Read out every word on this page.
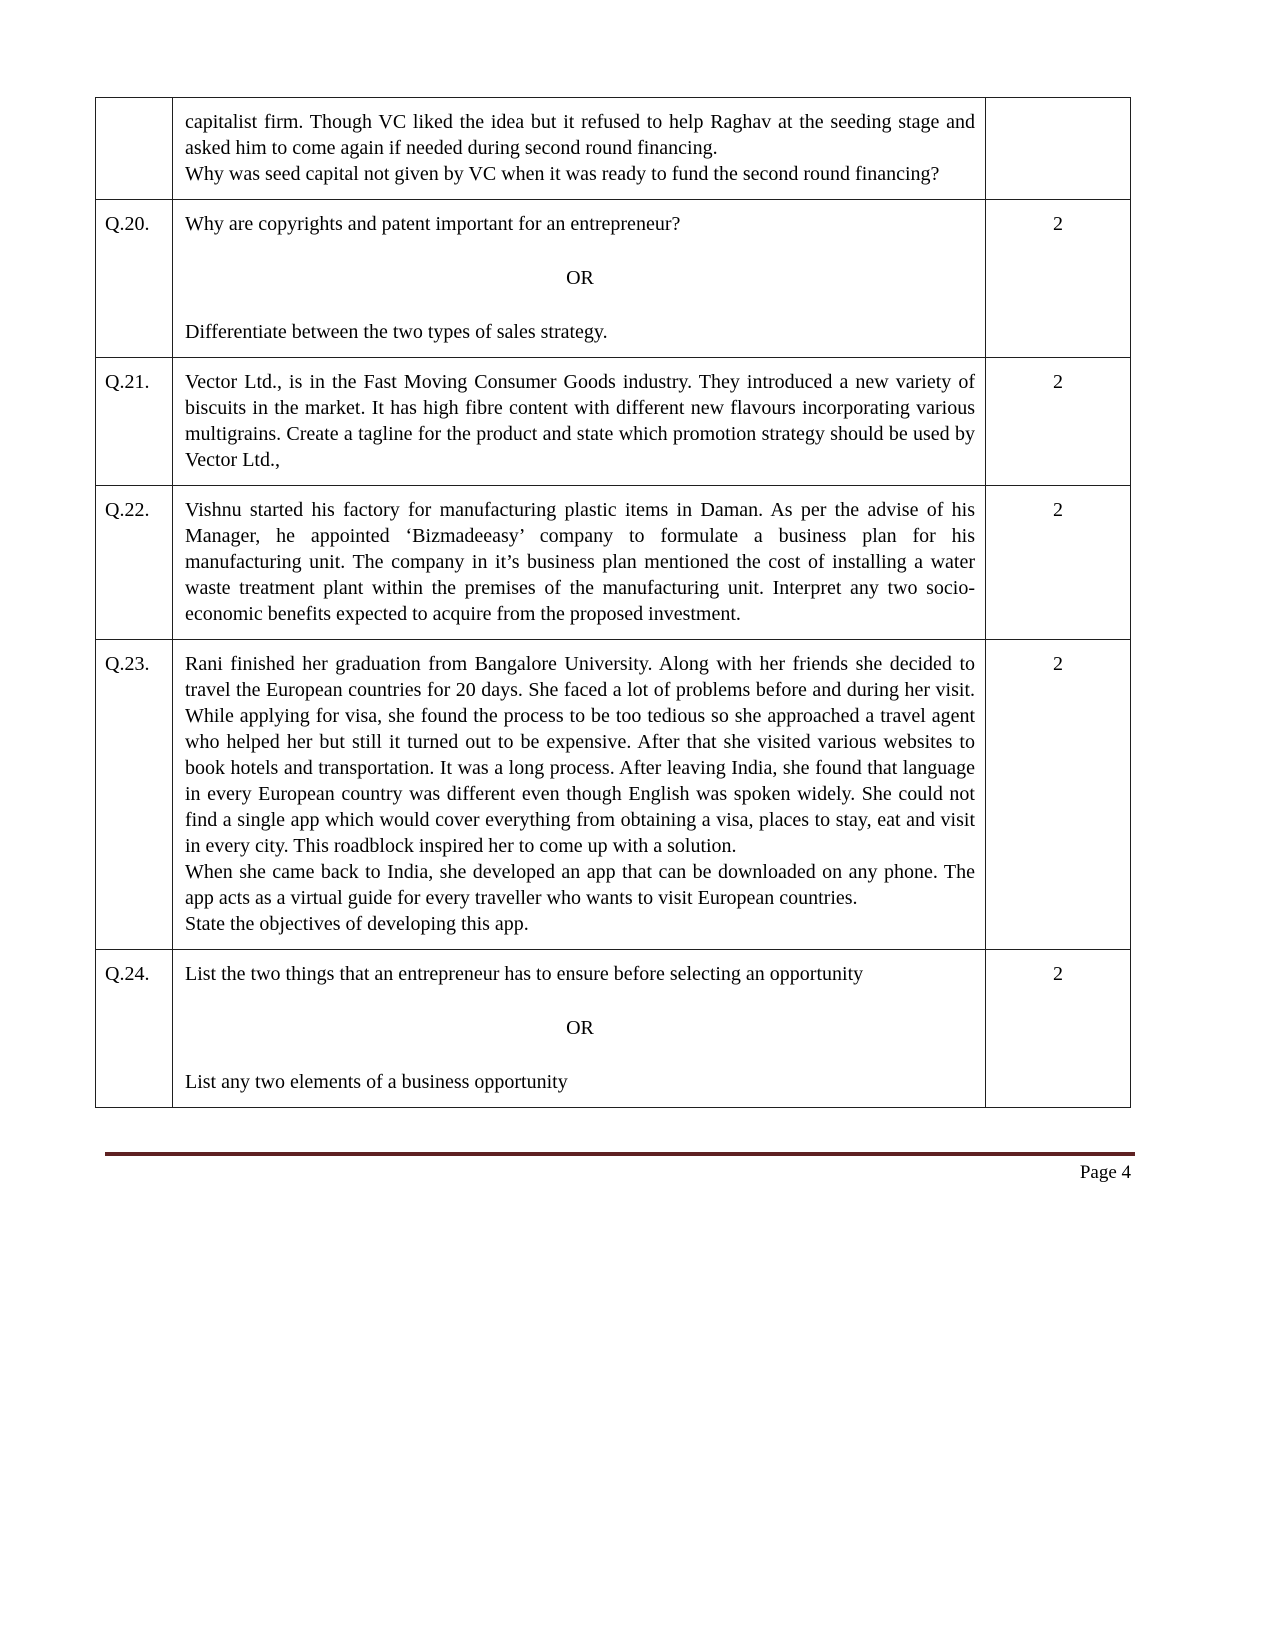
	capitalist firm. Though VC liked the idea but it refused to help Raghav at the seeding stage and asked him to come again if needed during second round financing.

Why was seed capital not given by VC when it was ready to fund the second round financing?	

Q.20.	Why are copyrights and patent important for an entrepreneur?

OR

Differentiate between the two types of sales strategy.	2
Q.21.	Vector Ltd., is in the Fast Moving Consumer Goods industry. They introduced a new variety of biscuits in the market. It has high fibre content with different new flavours incorporating various multigrains. Create a tagline for the product and state which promotion strategy should be used by Vector Ltd.,	2
Q.22.	Vishnu started his factory for manufacturing plastic items in Daman. As per the advise of his Manager, he appointed ‘Bizmadeeasy’ company to formulate a business plan for his manufacturing unit. The company in it’s business plan mentioned the cost of installing a water waste treatment plant within the premises of the manufacturing unit. Interpret any two socio-economic benefits expected to acquire from the proposed investment.	2
Q.23.	Rani finished her graduation from Bangalore University. Along with her friends she decided to travel the European countries for 20 days. She faced a lot of problems before and during her visit. While applying for visa, she found the process to be too tedious so she approached a travel agent who helped her but still it turned out to be expensive. After that she visited various websites to book hotels and transportation. It was a long process. After leaving India, she found that language in every European country was different even though English was spoken widely. She could not find a single app which would cover everything from obtaining a visa, places to stay, eat and visit in every city. This roadblock inspired her to come up with a solution.

When she came back to India, she developed an app that can be downloaded on any phone. The app acts as a virtual guide for every traveller who wants to visit European countries.

State the objectives of developing this app.	2
Q.24.	List the two things that an entrepreneur has to ensure before selecting an opportunity

OR

List any two elements of a business opportunity	2
Page 4
